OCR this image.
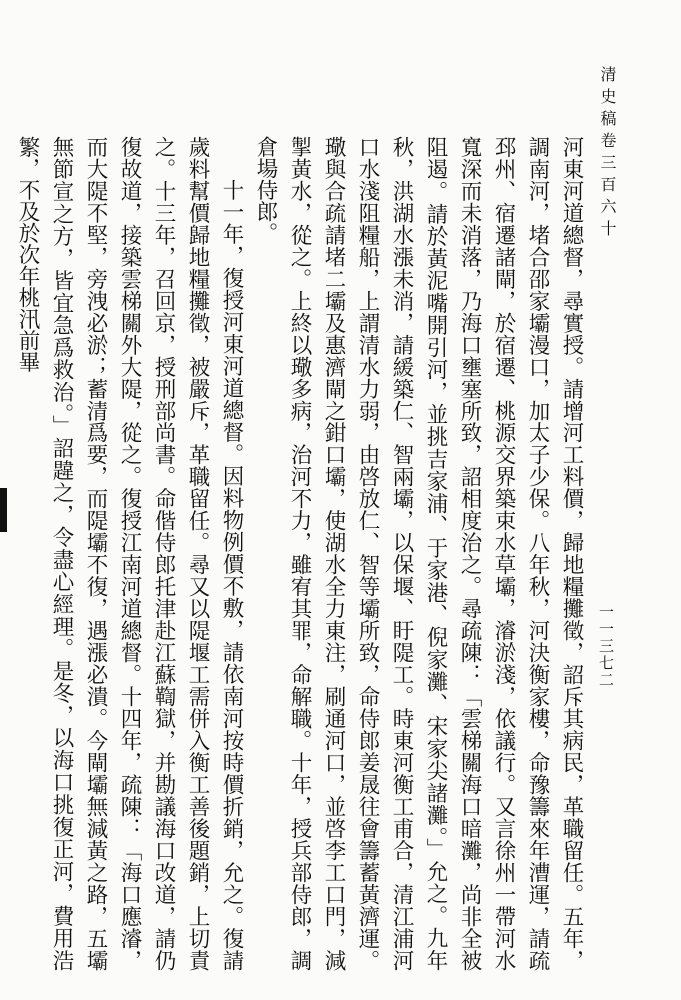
清史稿卷三百六十
一一三七二

河東河道總督，尋實授。請增河工料價，歸地糧攤徵，詔斥其病民，革職留任。五年，調南河，堵合邵家壩漫口，加太子少保。八年秋，河決衡家樓，命豫籌來年漕運，請疏邳州、宿遷諸閘，於宿遷、桃源交界築束水草壩，濬淤淺，依議行。又言徐州一帶河水寬深而未消落，乃海口壅塞所致，詔相度治之。尋疏陳：「雲梯關海口暗灘，尚非全被阻遏。請於黃泥嘴開引河，並挑吉家浦、于家港、倪家灘、宋家尖諸灘。」允之。九年秋，洪湖水漲未消，請緩築仁、智兩壩，以保堰、盱隄工。時東河衡工甫合，清江浦河口水淺阻糧船，上謂清水力弱，由啓放仁、智等壩所致，命侍郎姜晟往會籌蓄黃濟運。璥與合疏請堵二壩及惠濟閘之鉗口壩，使湖水全力東注，刷通河口，並啓李工口門，減掣黃水，從之。上終以璥多病，治河不力，雖宥其罪，命解職。十年，授兵部侍郎，調倉場侍郎。

十一年，復授河東河道總督。因料物例價不敷，請依南河按時價折銷，允之。復請歲料幫價歸地糧攤徵，被嚴斥，革職留任。尋又以隄堰工需併入衡工善後題銷，上切責之。十三年，召回京，授刑部尚書。命偕侍郎托津赴江蘇鞫獄，并勘議海口改道，請仍復故道，接築雲梯關外大隄，從之。復授江南河道總督。十四年，疏陳：「海口應濬，而大隄不堅，旁洩必淤；蓄清爲要，而隄壩不復，遇漲必潰。今閘壩無減黃之路，五壩無節宣之方，皆宜急爲救治。」詔韙之，令盡心經理。是冬，以海口挑復正河，費用浩繁，不及於次年桃汛前畢
